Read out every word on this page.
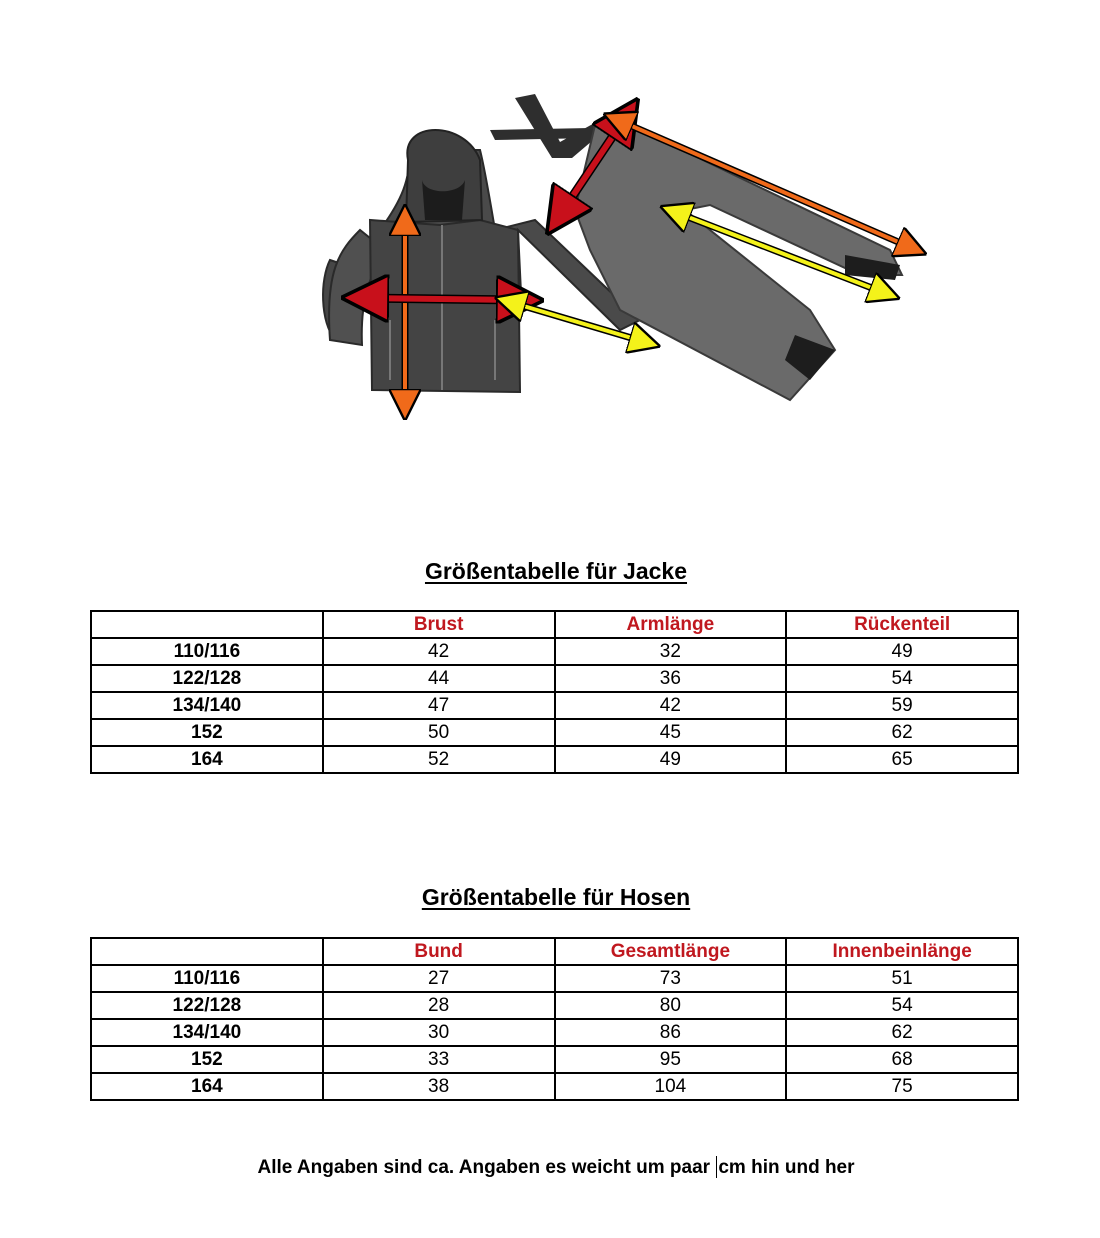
Größentabelle für Jacke
	Brust	Armlänge	Rückenteil
110/116	42	32	49
122/128	44	36	54
134/140	47	42	59
152	50	45	62
164	52	49	65
Größentabelle für Hosen
	Bund	Gesamtlänge	Innenbeinlänge
110/116	27	73	51
122/128	28	80	54
134/140	30	86	62
152	33	95	68
164	38	104	75
Alle Angaben sind ca. Angaben es weicht um paar cm hin und her
